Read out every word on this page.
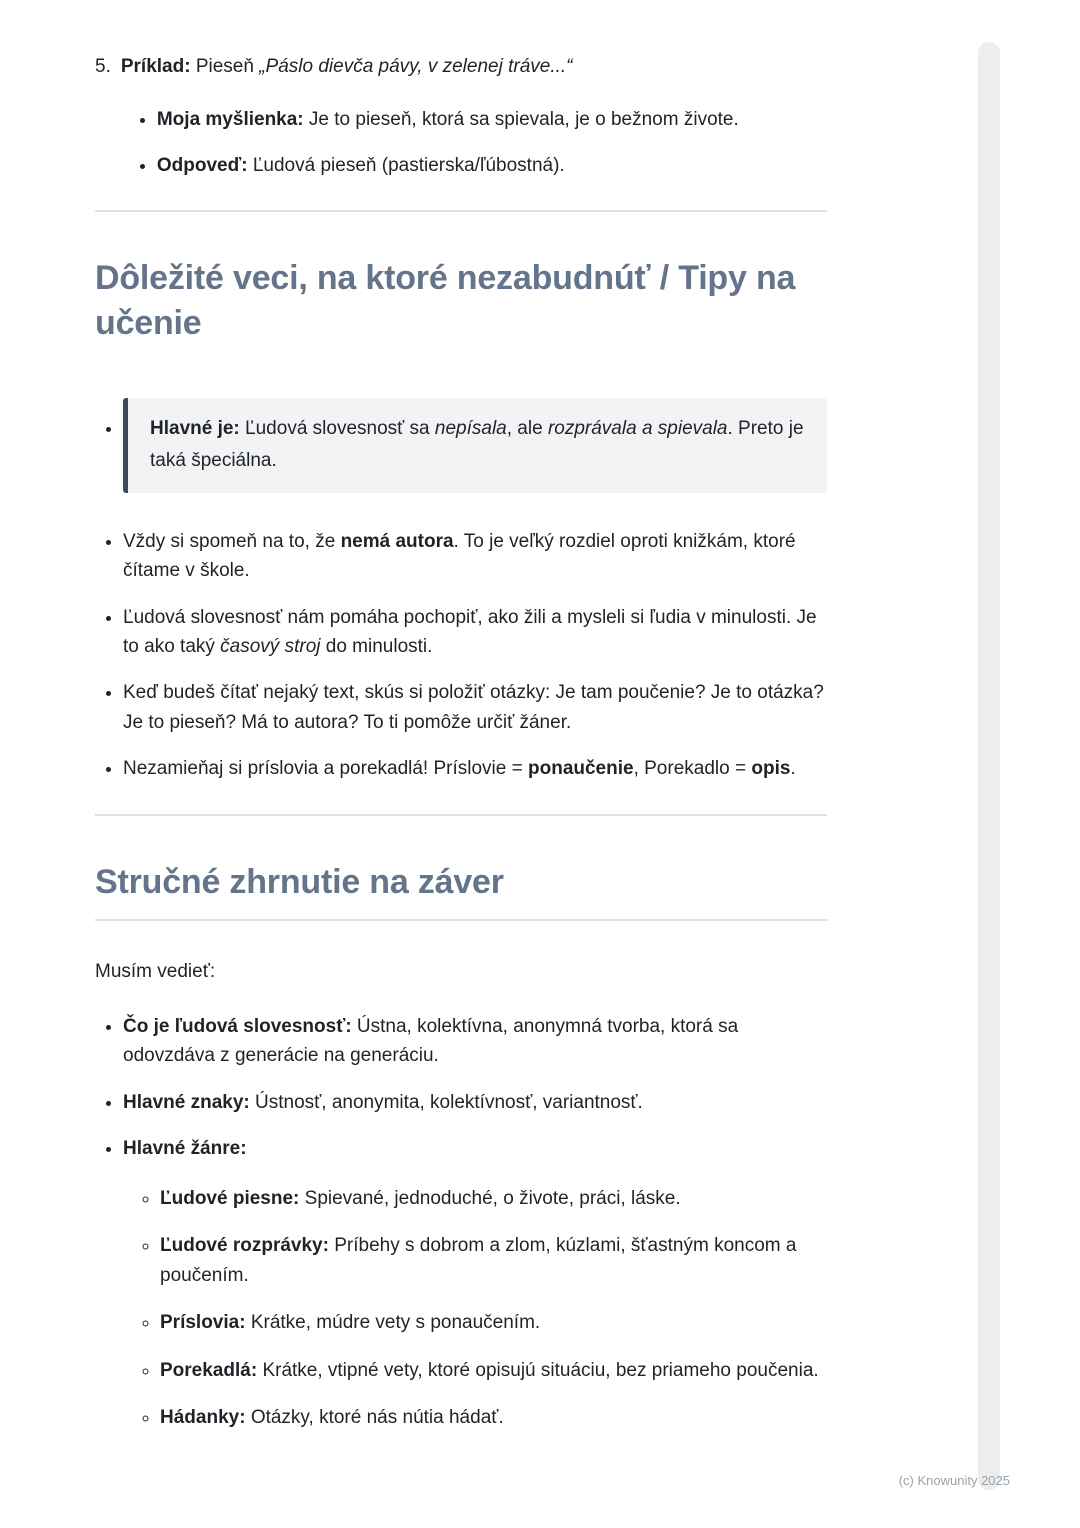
5. Príklad: Pieseň „Páslo dievča pávy, v zelenej tráve...“

• Moja myšlienka: Je to pieseň, ktorá sa spievala, je o bežnom živote.

• Odpoveď: Ľudová pieseň (pastierska/ľúbostná).

Dôležité veci, na ktoré nezabudnúť / Tipy na učenie
• Hlavné je: Ľudová slovesnosť sa nepísala, ale rozprávala a spievala. Preto je taká špeciálna.

• Vždy si spomeň na to, že nemá autora. To je veľký rozdiel oproti knižkám, ktoré čítame v škole.

• Ľudová slovesnosť nám pomáha pochopiť, ako žili a mysleli si ľudia v minulosti. Je to ako taký časový stroj do minulosti.

• Keď budeš čítať nejaký text, skús si položiť otázky: Je tam poučenie? Je to otázka? Je to pieseň? Má to autora? To ti pomôže určiť žáner.

• Nezamieňaj si príslovia a porekadlá! Príslovie = ponaučenie, Porekadlo = opis.

Stručné zhrnutie na záver

Musím vedieť:

• Čo je ľudová slovesnosť: Ústna, kolektívna, anonymná tvorba, ktorá sa odovzdáva z generácie na generáciu.

• Hlavné znaky: Ústnosť, anonymita, kolektívnosť, variantnosť.

• Hlavné žánre:

◦ Ľudové piesne: Spievané, jednoduché, o živote, práci, láske.

◦ Ľudové rozprávky: Príbehy s dobrom a zlom, kúzlami, šťastným koncom a poučením.

◦ Príslovia: Krátke, múdre vety s ponaučením.

◦ Porekadlá: Krátke, vtipné vety, ktoré opisujú situáciu, bez priameho poučenia.

◦ Hádanky: Otázky, ktoré nás nútia hádať.

(c) Knowunity 2025
